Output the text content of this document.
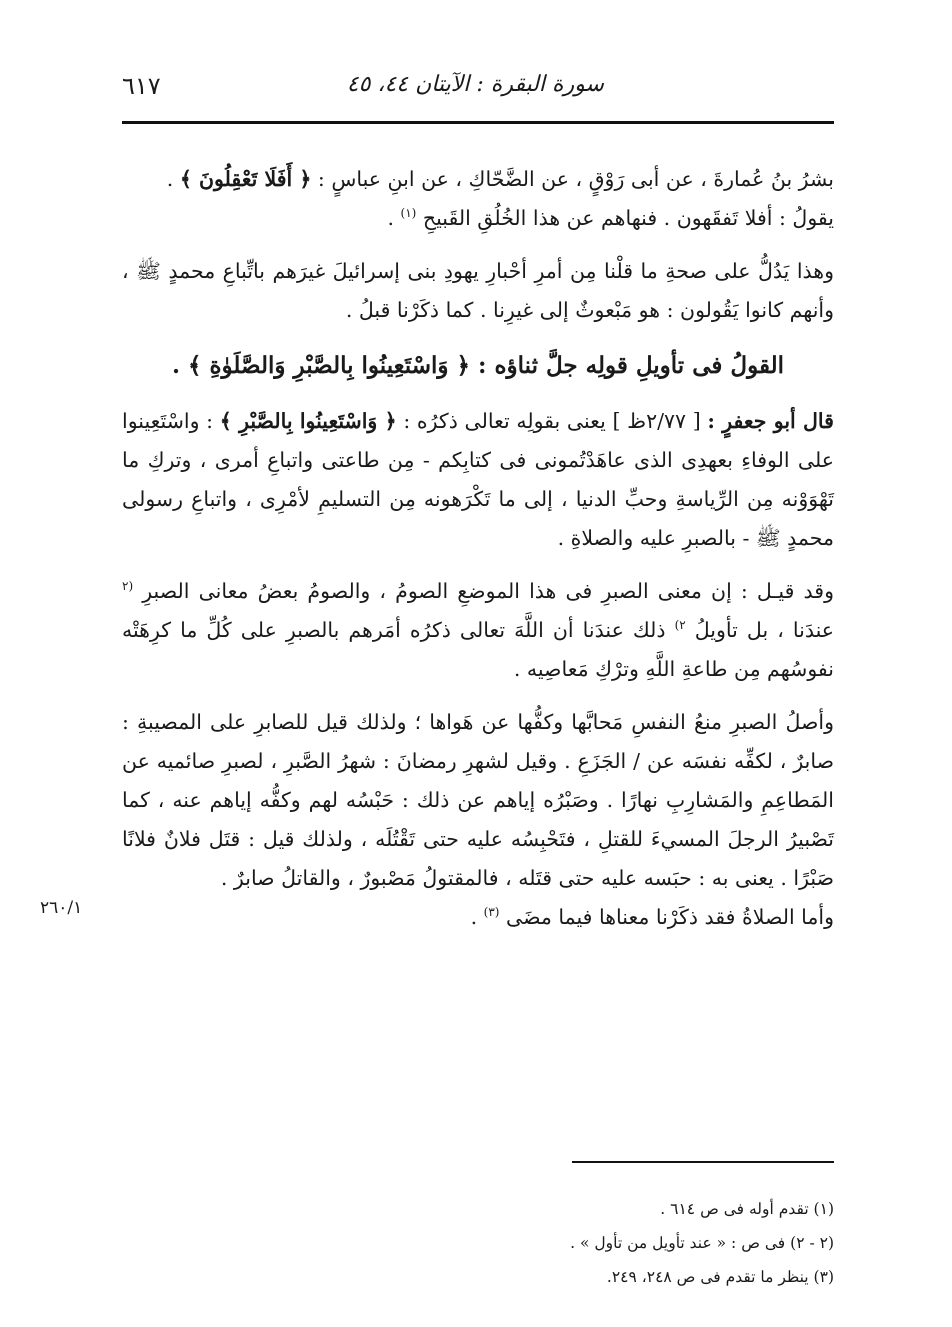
سورة البقرة : الآيتان ٤٤، ٤٥
٦١٧

بشرُ بنُ عُمارةَ ، عن أبى رَوْقٍ ، عن الضَّحّاكِ ، عن ابنِ عباسٍ : ﴿ أَفَلَا تَعْقِلُونَ ﴾ .
يقولُ : أفلا تَفقَهون . فنهاهم عن هذا الخُلُقِ القَبيحِ $^{(١)}$ .

وهذا يَدُلُّ على صحةِ ما قلْنا مِن أمرِ أحْبارِ يهودِ بنى إسرائيلَ غيرَهم باتِّباعِ محمدٍ ﷺ ، وأنهم كانوا يَقُولون : هو مَبْعوثٌ إلى غيرِنا . كما ذكَرْنا قبلُ .

القولُ فى تأويلِ قولِه جلَّ ثناؤه : ﴿ وَاسْتَعِينُوا بِالصَّبْرِ وَالصَّلَوٰةِ ﴾ .

قال أبو جعفرٍ : [ ٢/٧٧ظ ] يعنى بقولِه تعالى ذكرُه : ﴿ وَاسْتَعِينُوا بِالصَّبْرِ ﴾ : واسْتَعِينوا على الوفاءِ بعهدِى الذى عاهَدْتُمونى فى كتابِكم - مِن طاعتى واتباعِ أمرى ، وتركِ ما تَهْوَوْنه مِن الرِّياسةِ وحبِّ الدنيا ، إلى ما تَكْرَهونه مِن التسليمِ لأمْرِى ، واتباعِ رسولى محمدٍ ﷺ - بالصبرِ عليه والصلاةِ .

وقد قيـل : إن معنى الصبرِ فى هذا الموضعِ الصومُ ، والصومُ بعضُ معانى الصبرِ $^{(٢}$ عندَنا ، بل تأويلُ $^{٢)}$ ذلك عندَنا أن اللَّهَ تعالى ذكرُه أمَرهم بالصبرِ على كُلِّ ما كرِهَتْه نفوسُهم مِن طاعةِ اللَّهِ وترْكِ مَعاصِيه .

وأصلُ الصبرِ منعُ النفسِ مَحابَّها وكفُّها عن هَواها ؛ ولذلك قيل للصابرِ على المصيبةِ : صابرٌ ، لكفِّه نفسَه عن / الجَزَعِ . وقيل لشهرِ رمضانَ : شهرُ الصَّبرِ ، لصبرِ صائميه عن المَطاعِمِ والمَشارِبِ نهارًا . وصَبْرُه إياهم عن ذلك : حَبْسُه لهم وكفُّه إياهم عنه ، كما تَصْبيرُ الرجلَ المسيءَ للقتلِ ، فتَحْبِسُه عليه حتى تَقْتُلَه ، ولذلك قيل : قتَل فلانٌ فلانًا صَبْرًا . يعنى به : حبَسه عليه حتى قتَله ، فالمقتولُ مَصْبورٌ ، والقاتلُ صابرٌ .

وأما الصلاةُ فقد ذكَرْنا معناها فيما مضَى $^{(٣)}$ .

٢٦٠/١

(١) تقدم أوله فى ص ٦١٤ .

(٢ - ٢) فى ص : « عند تأويل من تأول » .

(٣) ينظر ما تقدم فى ص ٢٤٨، ٢٤٩.
